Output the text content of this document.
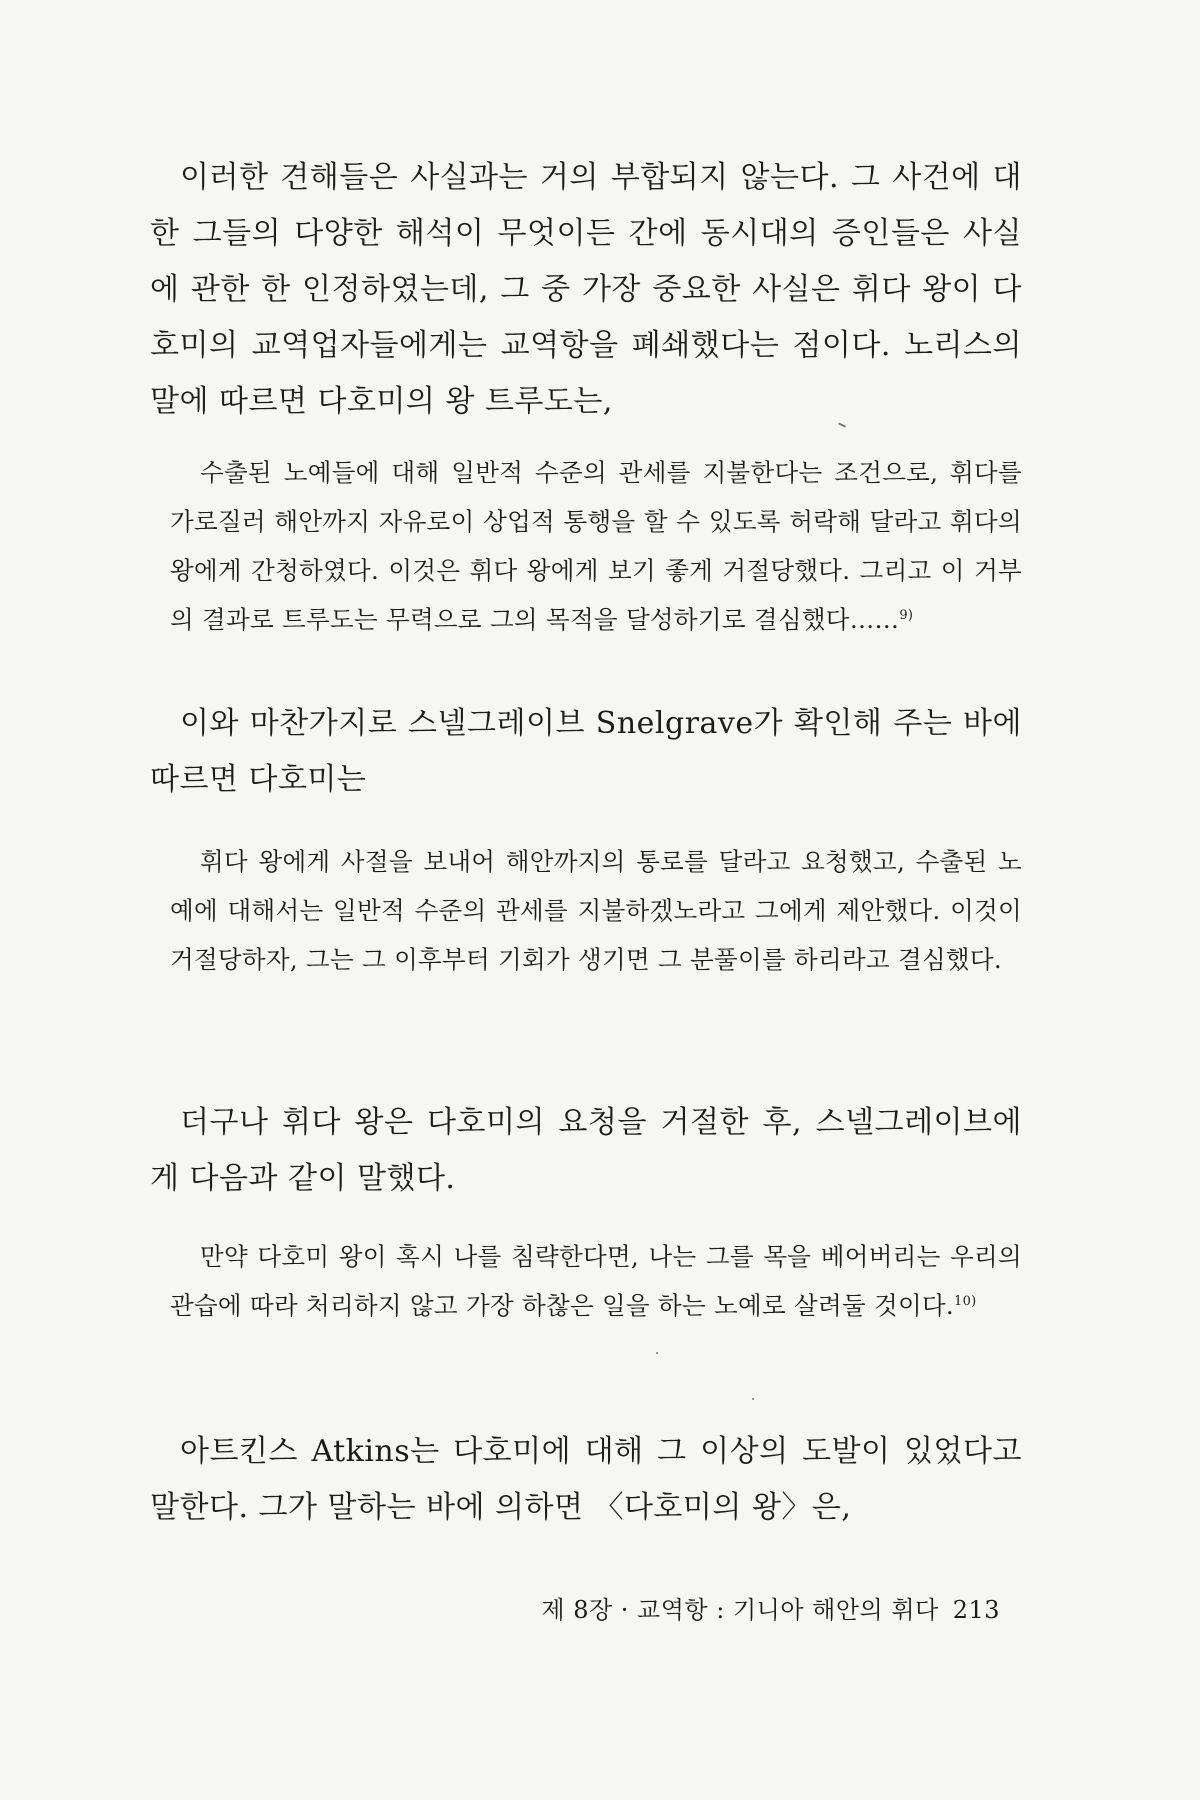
이러한 견해들은 사실과는 거의 부합되지 않는다. 그 사건에 대한 그들의 다양한 해석이 무엇이든 간에 동시대의 증인들은 사실에 관한 한 인정하였는데, 그 중 가장 중요한 사실은 휘다 왕이 다호미의 교역업자들에게는 교역항을 폐쇄했다는 점이다. 노리스의 말에 따르면 다호미의 왕 트루도는,

수출된 노예들에 대해 일반적 수준의 관세를 지불한다는 조건으로, 휘다를 가로질러 해안까지 자유로이 상업적 통행을 할 수 있도록 허락해 달라고 휘다의 왕에게 간청하였다. 이것은 휘다 왕에게 보기 좋게 거절당했다. 그리고 이 거부의 결과로 트루도는 무력으로 그의 목적을 달성하기로 결심했다……$^{9)}$

이와 마찬가지로 스넬그레이브 Snelgrave가 확인해 주는 바에 따르면 다호미는

휘다 왕에게 사절을 보내어 해안까지의 통로를 달라고 요청했고, 수출된 노예에 대해서는 일반적 수준의 관세를 지불하겠노라고 그에게 제안했다. 이것이 거절당하자, 그는 그 이후부터 기회가 생기면 그 분풀이를 하리라고 결심했다.

더구나 휘다 왕은 다호미의 요청을 거절한 후, 스넬그레이브에게 다음과 같이 말했다.

만약 다호미 왕이 혹시 나를 침략한다면, 나는 그를 목을 베어버리는 우리의 관습에 따라 처리하지 않고 가장 하찮은 일을 하는 노예로 살려둘 것이다.$^{10)}$

아트킨스 Atkins는 다호미에 대해 그 이상의 도발이 있었다고 말한다. 그가 말하는 바에 의하면 〈다호미의 왕〉은,

제 8장 · 교역항 : 기니아 해안의 휘다 213
